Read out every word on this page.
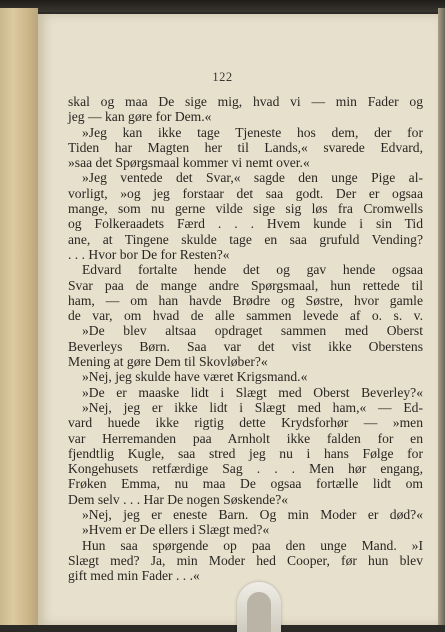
122
skal og maa De sige mig, hvad vi — min Fader og
jeg — kan gøre for Dem.«
»Jeg kan ikke tage Tjeneste hos dem, der for
Tiden har Magten her til Lands,« svarede Edvard,
»saa det Spørgsmaal kommer vi nemt over.«
»Jeg ventede det Svar,« sagde den unge Pige al-
vorligt, »og jeg forstaar det saa godt. Der er ogsaa
mange, som nu gerne vilde sige sig løs fra Cromwells
og Folkeraadets Færd . . . Hvem kunde i sin Tid
ane, at Tingene skulde tage en saa grufuld Vending?
. . . Hvor bor De for Resten?«
Edvard fortalte hende det og gav hende ogsaa
Svar paa de mange andre Spørgsmaal, hun rettede til
ham, — om han havde Brødre og Søstre, hvor gamle
de var, om hvad de alle sammen levede af o. s. v.
»De blev altsaa opdraget sammen med Oberst
Beverleys Børn. Saa var det vist ikke Oberstens
Mening at gøre Dem til Skovløber?«
»Nej, jeg skulde have været Krigsmand.«
»De er maaske lidt i Slægt med Oberst Beverley?«
»Nej, jeg er ikke lidt i Slægt med ham,« — Ed-
vard huede ikke rigtig dette Krydsforhør — »men
var Herremanden paa Arnholt ikke falden for en
fjendtlig Kugle, saa stred jeg nu i hans Følge for
Kongehusets retfærdige Sag . . . Men hør engang,
Frøken Emma, nu maa De ogsaa fortælle lidt om
Dem selv . . . Har De nogen Søskende?«
»Nej, jeg er eneste Barn. Og min Moder er død?«
»Hvem er De ellers i Slægt med?«
Hun saa spørgende op paa den unge Mand. »I
Slægt med? Ja, min Moder hed Cooper, før hun blev
gift med min Fader . . .«
